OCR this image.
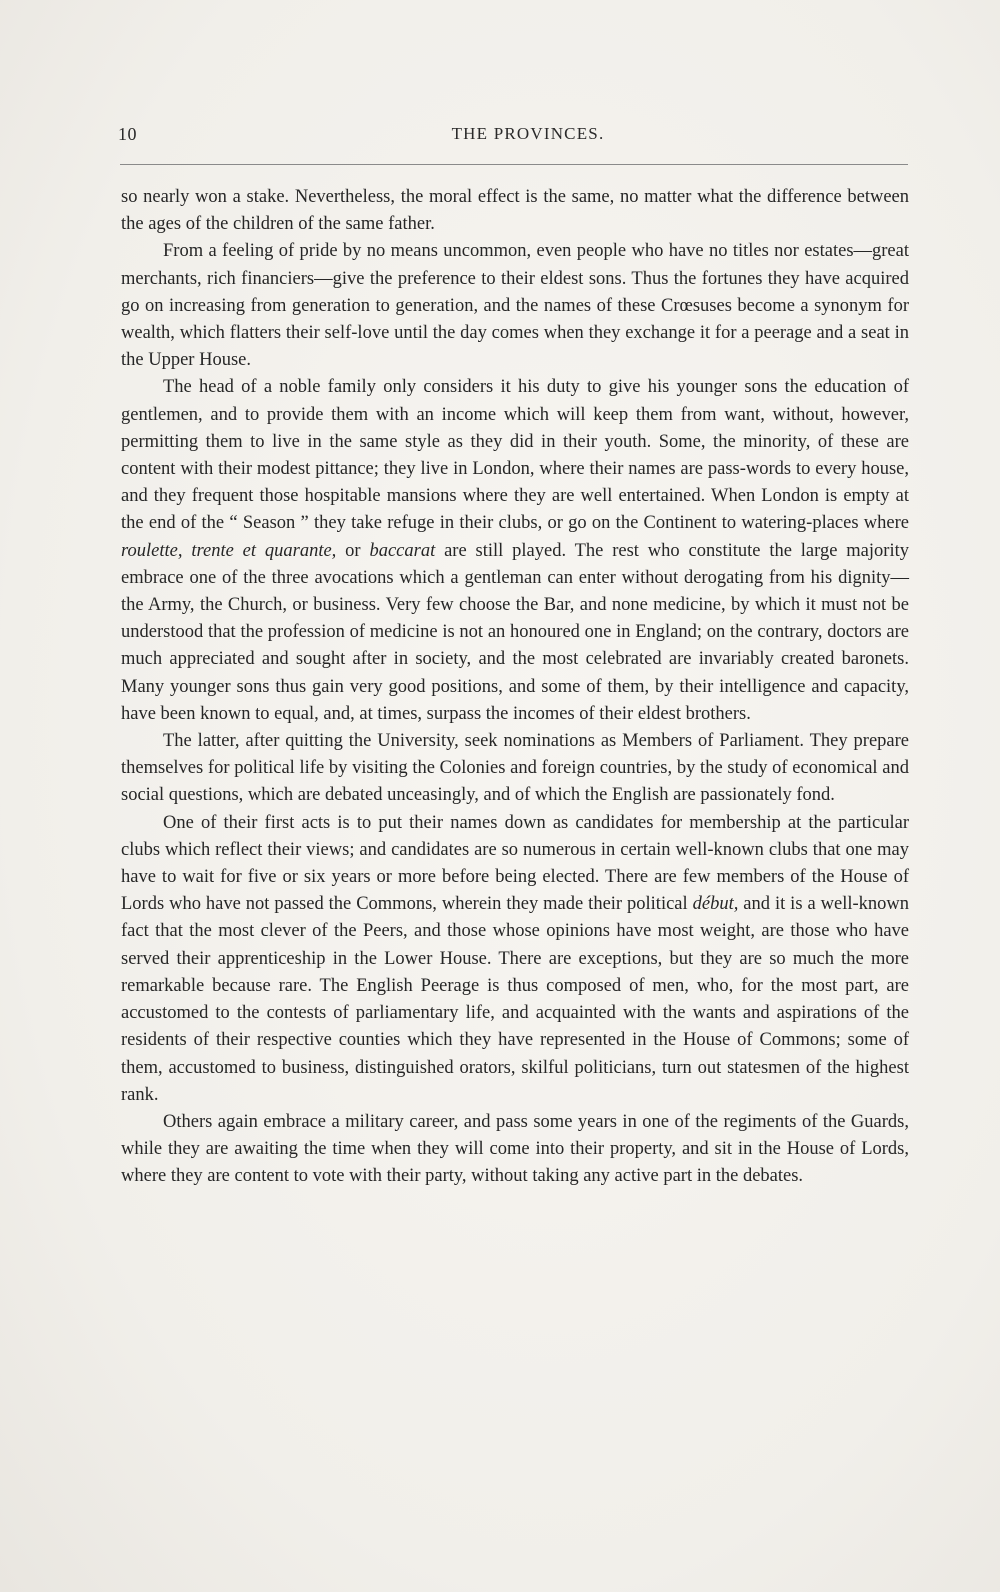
10	THE PROVINCES.

so nearly won a stake. Nevertheless, the moral effect is the same, no matter what the difference between the ages of the children of the same father.

From a feeling of pride by no means uncommon, even people who have no titles nor estates—great merchants, rich financiers—give the preference to their eldest sons. Thus the fortunes they have acquired go on increasing from generation to generation, and the names of these Crœsuses become a synonym for wealth, which flatters their self-love until the day comes when they exchange it for a peerage and a seat in the Upper House.

The head of a noble family only considers it his duty to give his younger sons the education of gentlemen, and to provide them with an income which will keep them from want, without, however, permitting them to live in the same style as they did in their youth. Some, the minority, of these are content with their modest pittance; they live in London, where their names are pass-words to every house, and they frequent those hospitable mansions where they are well entertained. When London is empty at the end of the “ Season ” they take refuge in their clubs, or go on the Continent to watering-places where roulette, trente et quarante, or baccarat are still played. The rest who constitute the large majority embrace one of the three avocations which a gentleman can enter without derogating from his dignity—the Army, the Church, or business. Very few choose the Bar, and none medicine, by which it must not be understood that the profession of medicine is not an honoured one in England; on the contrary, doctors are much appreciated and sought after in society, and the most celebrated are invariably created baronets. Many younger sons thus gain very good positions, and some of them, by their intelligence and capacity, have been known to equal, and, at times, surpass the incomes of their eldest brothers.

The latter, after quitting the University, seek nominations as Members of Parliament. They prepare themselves for political life by visiting the Colonies and foreign countries, by the study of economical and social questions, which are debated unceasingly, and of which the English are passionately fond.

One of their first acts is to put their names down as candidates for membership at the particular clubs which reflect their views; and candidates are so numerous in certain well-known clubs that one may have to wait for five or six years or more before being elected. There are few members of the House of Lords who have not passed the Commons, wherein they made their political début, and it is a well-known fact that the most clever of the Peers, and those whose opinions have most weight, are those who have served their apprenticeship in the Lower House. There are exceptions, but they are so much the more remarkable because rare. The English Peerage is thus composed of men, who, for the most part, are accustomed to the contests of parliamentary life, and acquainted with the wants and aspirations of the residents of their respective counties which they have represented in the House of Commons; some of them, accustomed to business, distinguished orators, skilful politicians, turn out statesmen of the highest rank.

Others again embrace a military career, and pass some years in one of the regiments of the Guards, while they are awaiting the time when they will come into their property, and sit in the House of Lords, where they are content to vote with their party, without taking any active part in the debates.
